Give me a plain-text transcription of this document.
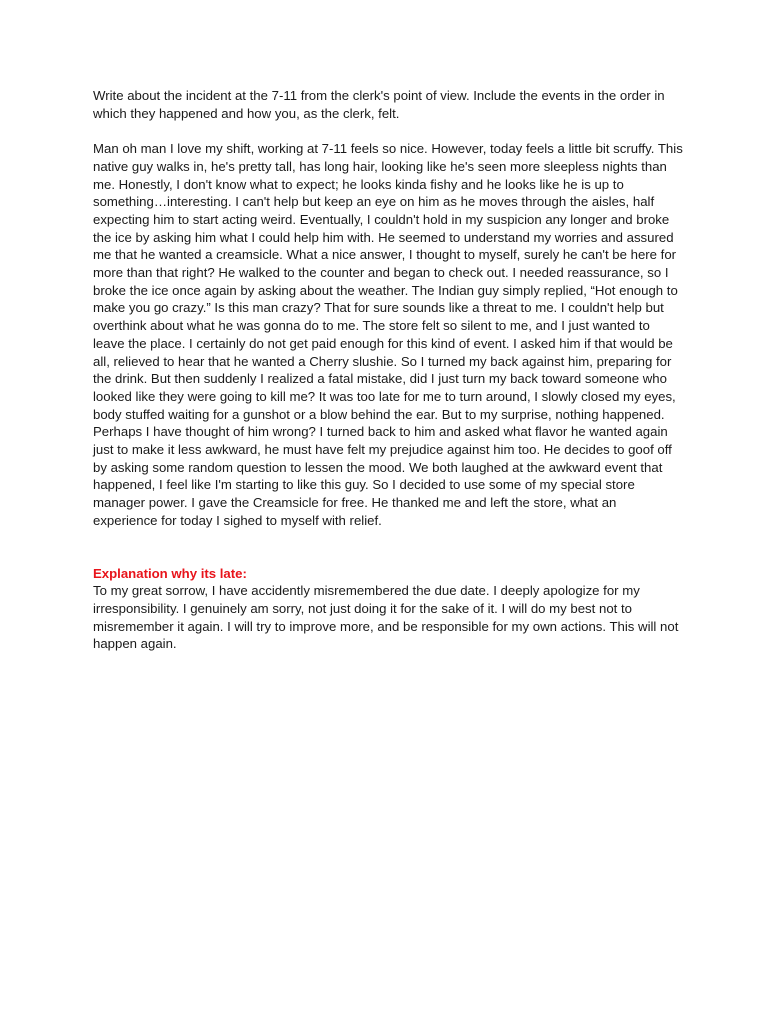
Write about the incident at the 7-11 from the clerk's point of view. Include the events in the order in which they happened and how you, as the clerk, felt.

Man oh man I love my shift, working at 7-11 feels so nice. However, today feels a little bit scruffy. This native guy walks in, he's pretty tall, has long hair, looking like he's seen more sleepless nights than me. Honestly, I don't know what to expect; he looks kinda fishy and he looks like he is up to something…interesting. I can't help but keep an eye on him as he moves through the aisles, half expecting him to start acting weird. Eventually, I couldn't hold in my suspicion any longer and broke the ice by asking him what I could help him with. He seemed to understand my worries and assured me that he wanted a creamsicle. What a nice answer, I thought to myself, surely he can't be here for more than that right? He walked to the counter and began to check out. I needed reassurance, so I broke the ice once again by asking about the weather. The Indian guy simply replied, “Hot enough to make you go crazy.” Is this man crazy? That for sure sounds like a threat to me. I couldn't help but overthink about what he was gonna do to me. The store felt so silent to me, and I just wanted to leave the place. I certainly do not get paid enough for this kind of event. I asked him if that would be all, relieved to hear that he wanted a Cherry slushie. So I turned my back against him, preparing for the drink. But then suddenly I realized a fatal mistake, did I just turn my back toward someone who looked like they were going to kill me? It was too late for me to turn around, I slowly closed my eyes, body stuffed waiting for a gunshot or a blow behind the ear. But to my surprise, nothing happened. Perhaps I have thought of him wrong? I turned back to him and asked what flavor he wanted again just to make it less awkward, he must have felt my prejudice against him too. He decides to goof off by asking some random question to lessen the mood. We both laughed at the awkward event that happened, I feel like I'm starting to like this guy. So I decided to use some of my special store manager power. I gave the Creamsicle for free. He thanked me and left the store, what an experience for today I sighed to myself with relief.

Explanation why its late:

To my great sorrow, I have accidently misremembered the due date. I deeply apologize for my irresponsibility. I genuinely am sorry, not just doing it for the sake of it. I will do my best not to misremember it again. I will try to improve more, and be responsible for my own actions. This will not happen again.
